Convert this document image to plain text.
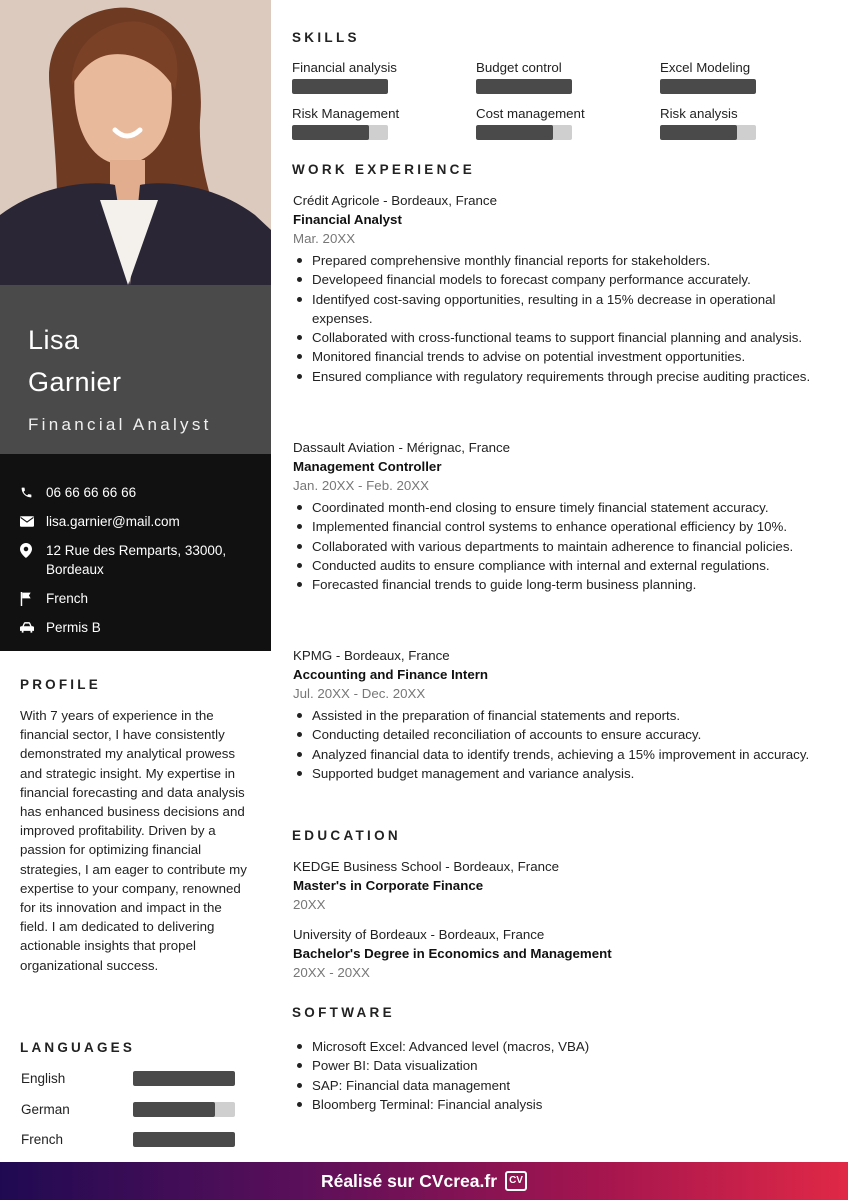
Lisa
Garnier
Financial Analyst
06 66 66 66 66
lisa.garnier@mail.com
12 Rue des Remparts, 33000, Bordeaux
French
Permis B
PROFILE
With 7 years of experience in the financial sector, I have consistently demonstrated my analytical prowess and strategic insight. My expertise in financial forecasting and data analysis has enhanced business decisions and improved profitability. Driven by a passion for optimizing financial strategies, I am eager to contribute my expertise to your company, renowned for its innovation and impact in the field. I am dedicated to delivering actionable insights that propel organizational success.
LANGUAGES
English
German
French
SKILLS
Financial analysis	Budget control	Excel Modeling
Risk Management	Cost management	Risk analysis
WORK EXPERIENCE
Crédit Agricole - Bordeaux, France
Financial Analyst
Mar. 20XX
Prepared comprehensive monthly financial reports for stakeholders.
Developeed financial models to forecast company performance accurately.
Identifyed cost-saving opportunities, resulting in a 15% decrease in operational expenses.
Collaborated with cross-functional teams to support financial planning and analysis.
Monitored financial trends to advise on potential investment opportunities.
Ensured compliance with regulatory requirements through precise auditing practices.
Dassault Aviation - Mérignac, France
Management Controller
Jan. 20XX - Feb. 20XX
Coordinated month-end closing to ensure timely financial statement accuracy.
Implemented financial control systems to enhance operational efficiency by 10%.
Collaborated with various departments to maintain adherence to financial policies.
Conducted audits to ensure compliance with internal and external regulations.
Forecasted financial trends to guide long-term business planning.
KPMG - Bordeaux, France
Accounting and Finance Intern
Jul. 20XX - Dec. 20XX
Assisted in the preparation of financial statements and reports.
Conducting detailed reconciliation of accounts to ensure accuracy.
Analyzed financial data to identify trends, achieving a 15% improvement in accuracy.
Supported budget management and variance analysis.
EDUCATION
KEDGE Business School - Bordeaux, France
Master's in Corporate Finance
20XX
University of Bordeaux - Bordeaux, France
Bachelor's Degree in Economics and Management
20XX - 20XX
SOFTWARE
Microsoft Excel: Advanced level (macros, VBA)
Power BI: Data visualization
SAP: Financial data management
Bloomberg Terminal: Financial analysis
Réalisé sur CVcrea.fr	CV
